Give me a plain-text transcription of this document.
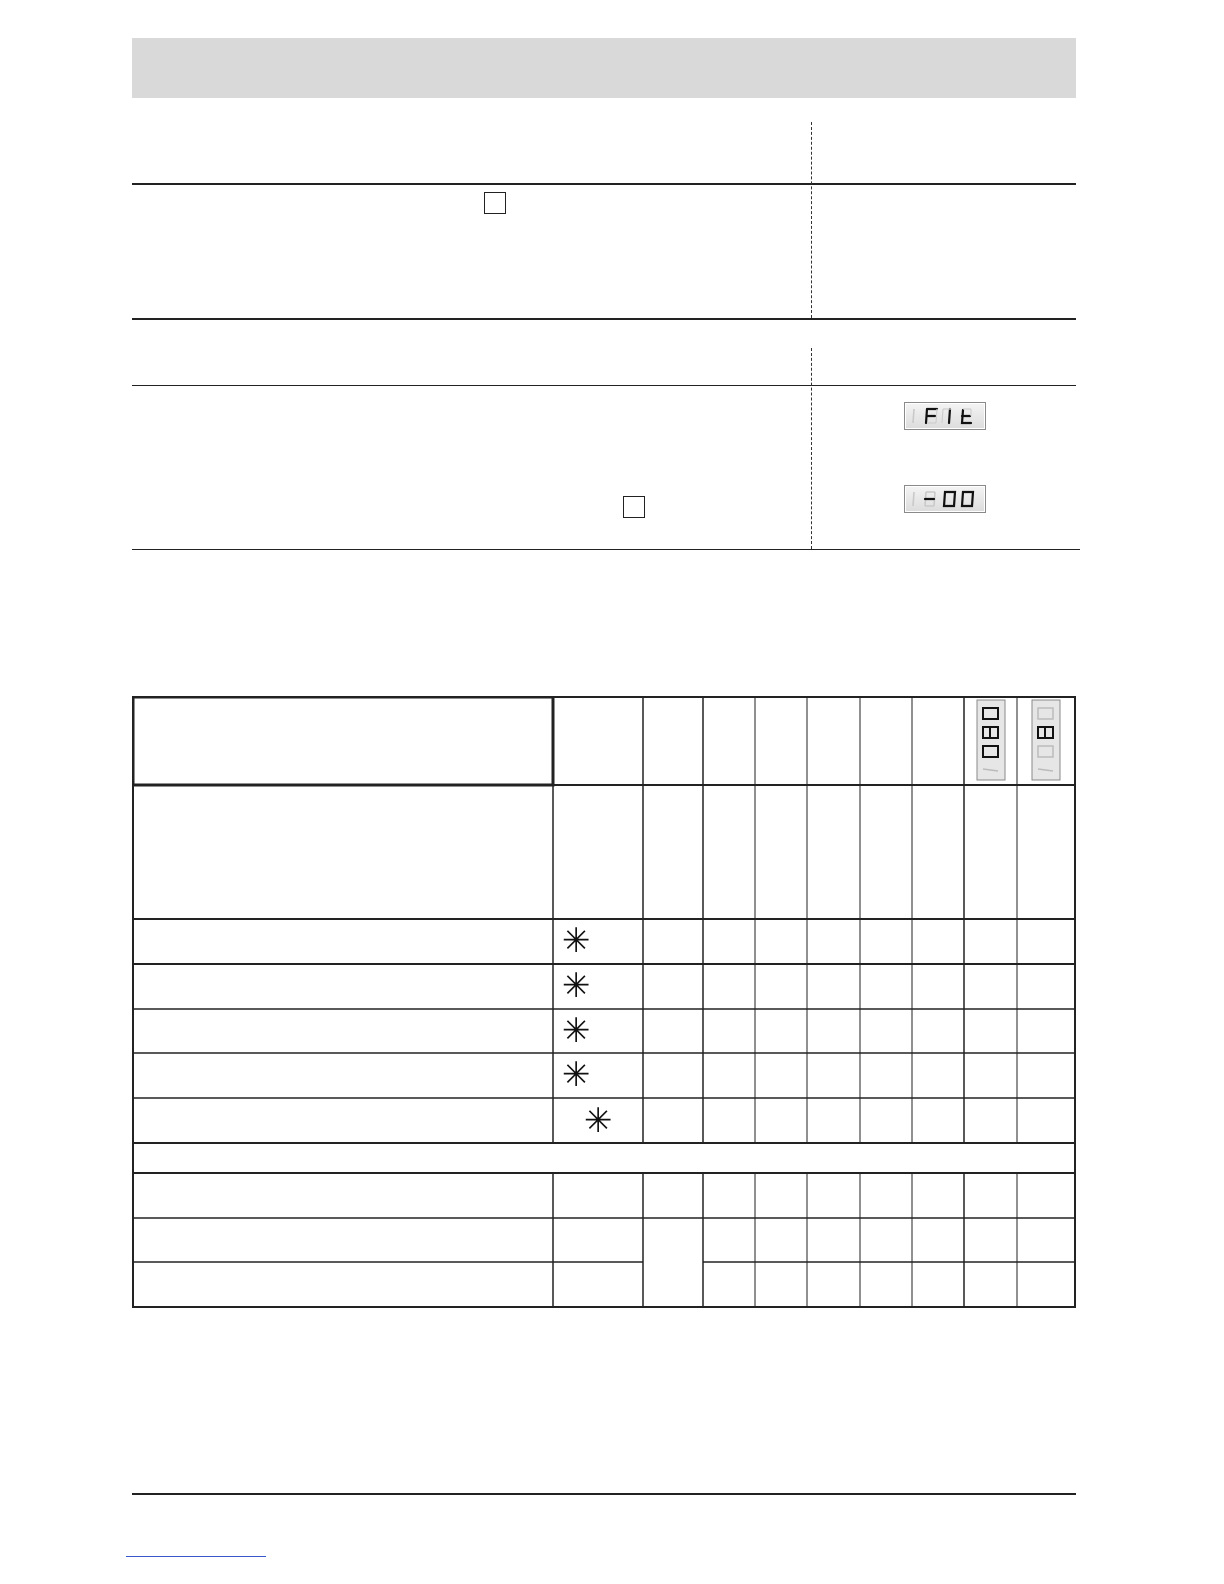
✳
✳
✳
✳
✳
